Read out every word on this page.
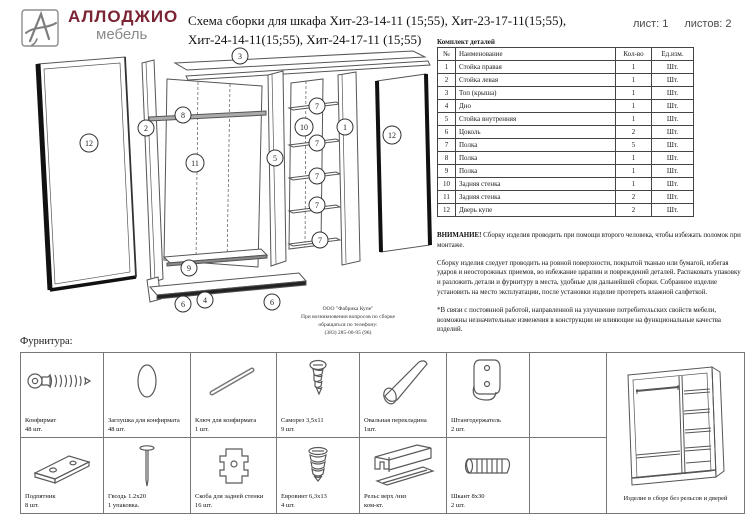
АЛЛОДЖИО
мебель
Схема сборки для шкафа Хит-23-14-11 (15;55), Хит-23-17-11(15;55),
Хит-24-14-11(15;55), Хит-24-17-11 (15;55)
лист: 1 листов: 2
3
12
2
8
11
5
10
7
7
7
7
7
1
12
9
6 4	6
ООО "Фабрика Купе"
При возникновении вопросов по сборке
обращаться по телефону:
(383) 285-00-95 (96)
Комплект деталей
№	Наименование	Кол-во	Ед.изм.
1	Стойка правая	1	Шт.
2	Стойка левая	1	Шт.
3	Топ (крыша)	1	Шт.
4	Дно	1	Шт.
5	Стойка внутренняя	1	Шт.
6	Цоколь	2	Шт.
7	Полка	5	Шт.
8	Полка	1	Шт.
9	Полка	1	Шт.
10	Задняя стенка	1	Шт.
11	Задняя стенка	2	Шт.
12	Дверь купе	2	Шт.

ВНИМАНИЕ! Сборку изделия проводить при помощи второго человека, чтобы избежать поломок при монтаже.

Сборку изделия следует проводить на ровной поверхности, покрытой тканью или бумагой, избегая ударов и неосторожных приемов, во избежание царапин и повреждений деталей. Распаковать упаковку и разложить детали и фурнитуру в места, удобные для дальнейшей сборки. Собранное изделие установить на место эксплуатации, после установки изделие протереть влажной салфеткой.

*В связи с постоянной работой, направленной на улучшение потребительских свойств мебели, возможны незначительные изменения в конструкции не влияющие на функциональные качества изделий.

Фурнитура:
Конфирмат
48 шт.
Заглушка для конфирмата
48 шт.
Ключ для конфирмата
1 шт.
Саморез 3,5х11
9 шт.
Овальная перекладина
1шт.
Штангодержатель
2 шт.
Изделие в сборе без рельсов и дверей
Подпятник
8 шт.
Гвоздь 1.2х20
1 упаковка.
Скоба для задней стенки
16 шт.
Евровинт 6,3х13
4 шт.
Рельс верх /низ
ком-кт.
Шкант 8х30
2 шт.
